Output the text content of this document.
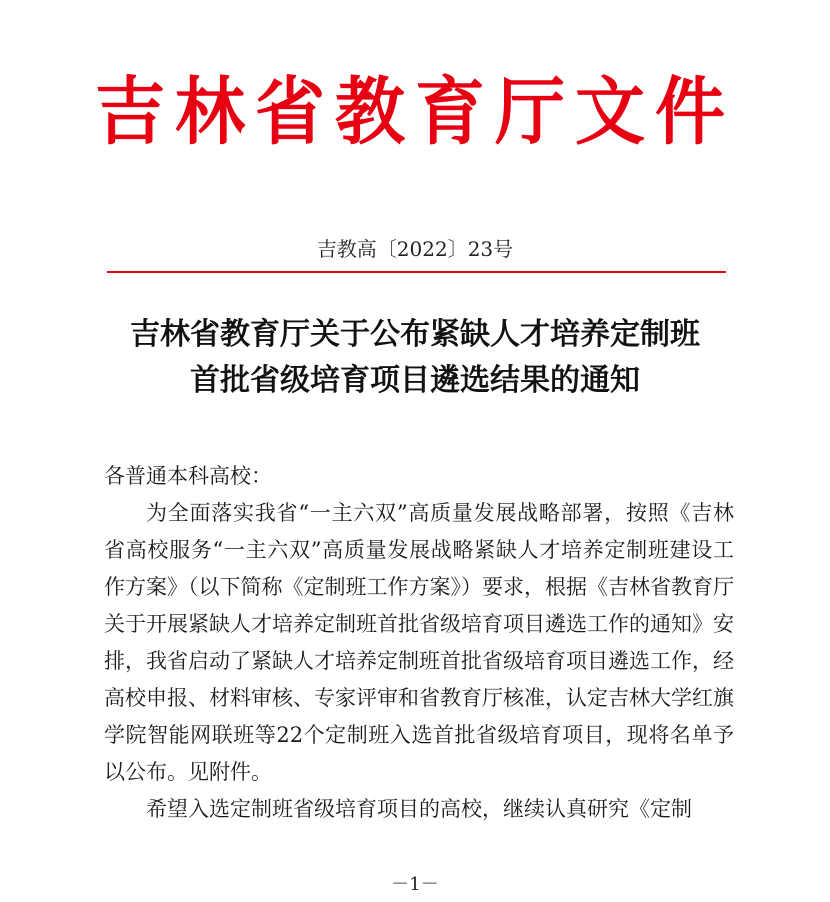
吉林省教育厅文件
吉教高〔2022〕23号
吉林省教育厅关于公布紧缺人才培养定制班
首批省级培育项目遴选结果的通知

各普通本科高校：

为全面落实我省“一主六双”高质量发展战略部署，按照《吉林省高校服务“一主六双”高质量发展战略紧缺人才培养定制班建设工作方案》（以下简称《定制班工作方案》）要求，根据《吉林省教育厅关于开展紧缺人才培养定制班首批省级培育项目遴选工作的通知》安排，我省启动了紧缺人才培养定制班首批省级培育项目遴选工作，经高校申报、材料审核、专家评审和省教育厅核准，认定吉林大学红旗学院智能网联班等22个定制班入选首批省级培育项目，现将名单予以公布。见附件。

希望入选定制班省级培育项目的高校，继续认真研究《定制

－1－
